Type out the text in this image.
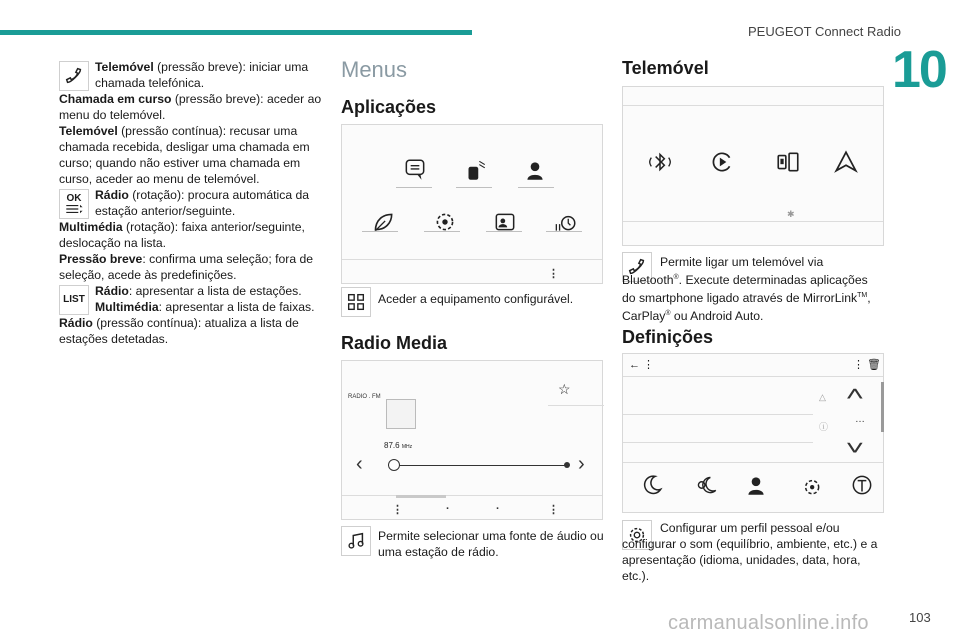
PEUGEOT Connect Radio
10

Telemóvel (pressão breve): iniciar uma chamada telefónica.

Chamada em curso (pressão breve): aceder ao menu do telemóvel.

Telemóvel (pressão contínua): recusar uma chamada recebida, desligar uma chamada em curso; quando não estiver uma chamada em curso, aceder ao menu de telemóvel.

OK Rádio (rotação): procura automática da estação anterior/seguinte.

Multimédia (rotação): faixa anterior/seguinte, deslocação na lista.

Pressão breve: confirma uma seleção; fora de seleção, acede às predefinições.

LIST

Rádio: apresentar a lista de estações.

Multimédia: apresentar a lista de faixas.

Rádio (pressão contínua): atualiza a lista de estações detetadas.

Menus
Aplicações
⋮
Aceder a equipamento configurável.
Radio Media
RADIO . FM	☆
87.6 MHz
‹	›
⋮	·	·	⋮
Permite selecionar uma fonte de áudio ou uma estação de rádio.
Telemóvel
✱
Permite ligar um telemóvel via Bluetooth®. Execute determinadas aplicações do smartphone ligado através de MirrorLink™, CarPlay® ou Android Auto.
Definições
← ⋮	⋮ 🗑
△
ⓘ
˄
…
˅
Configurar um perfil pessoal e/ou configurar o som (equilíbrio, ambiente, etc.) e a apresentação (idioma, unidades, data, hora, etc.).
carmanualsonline.info	103
